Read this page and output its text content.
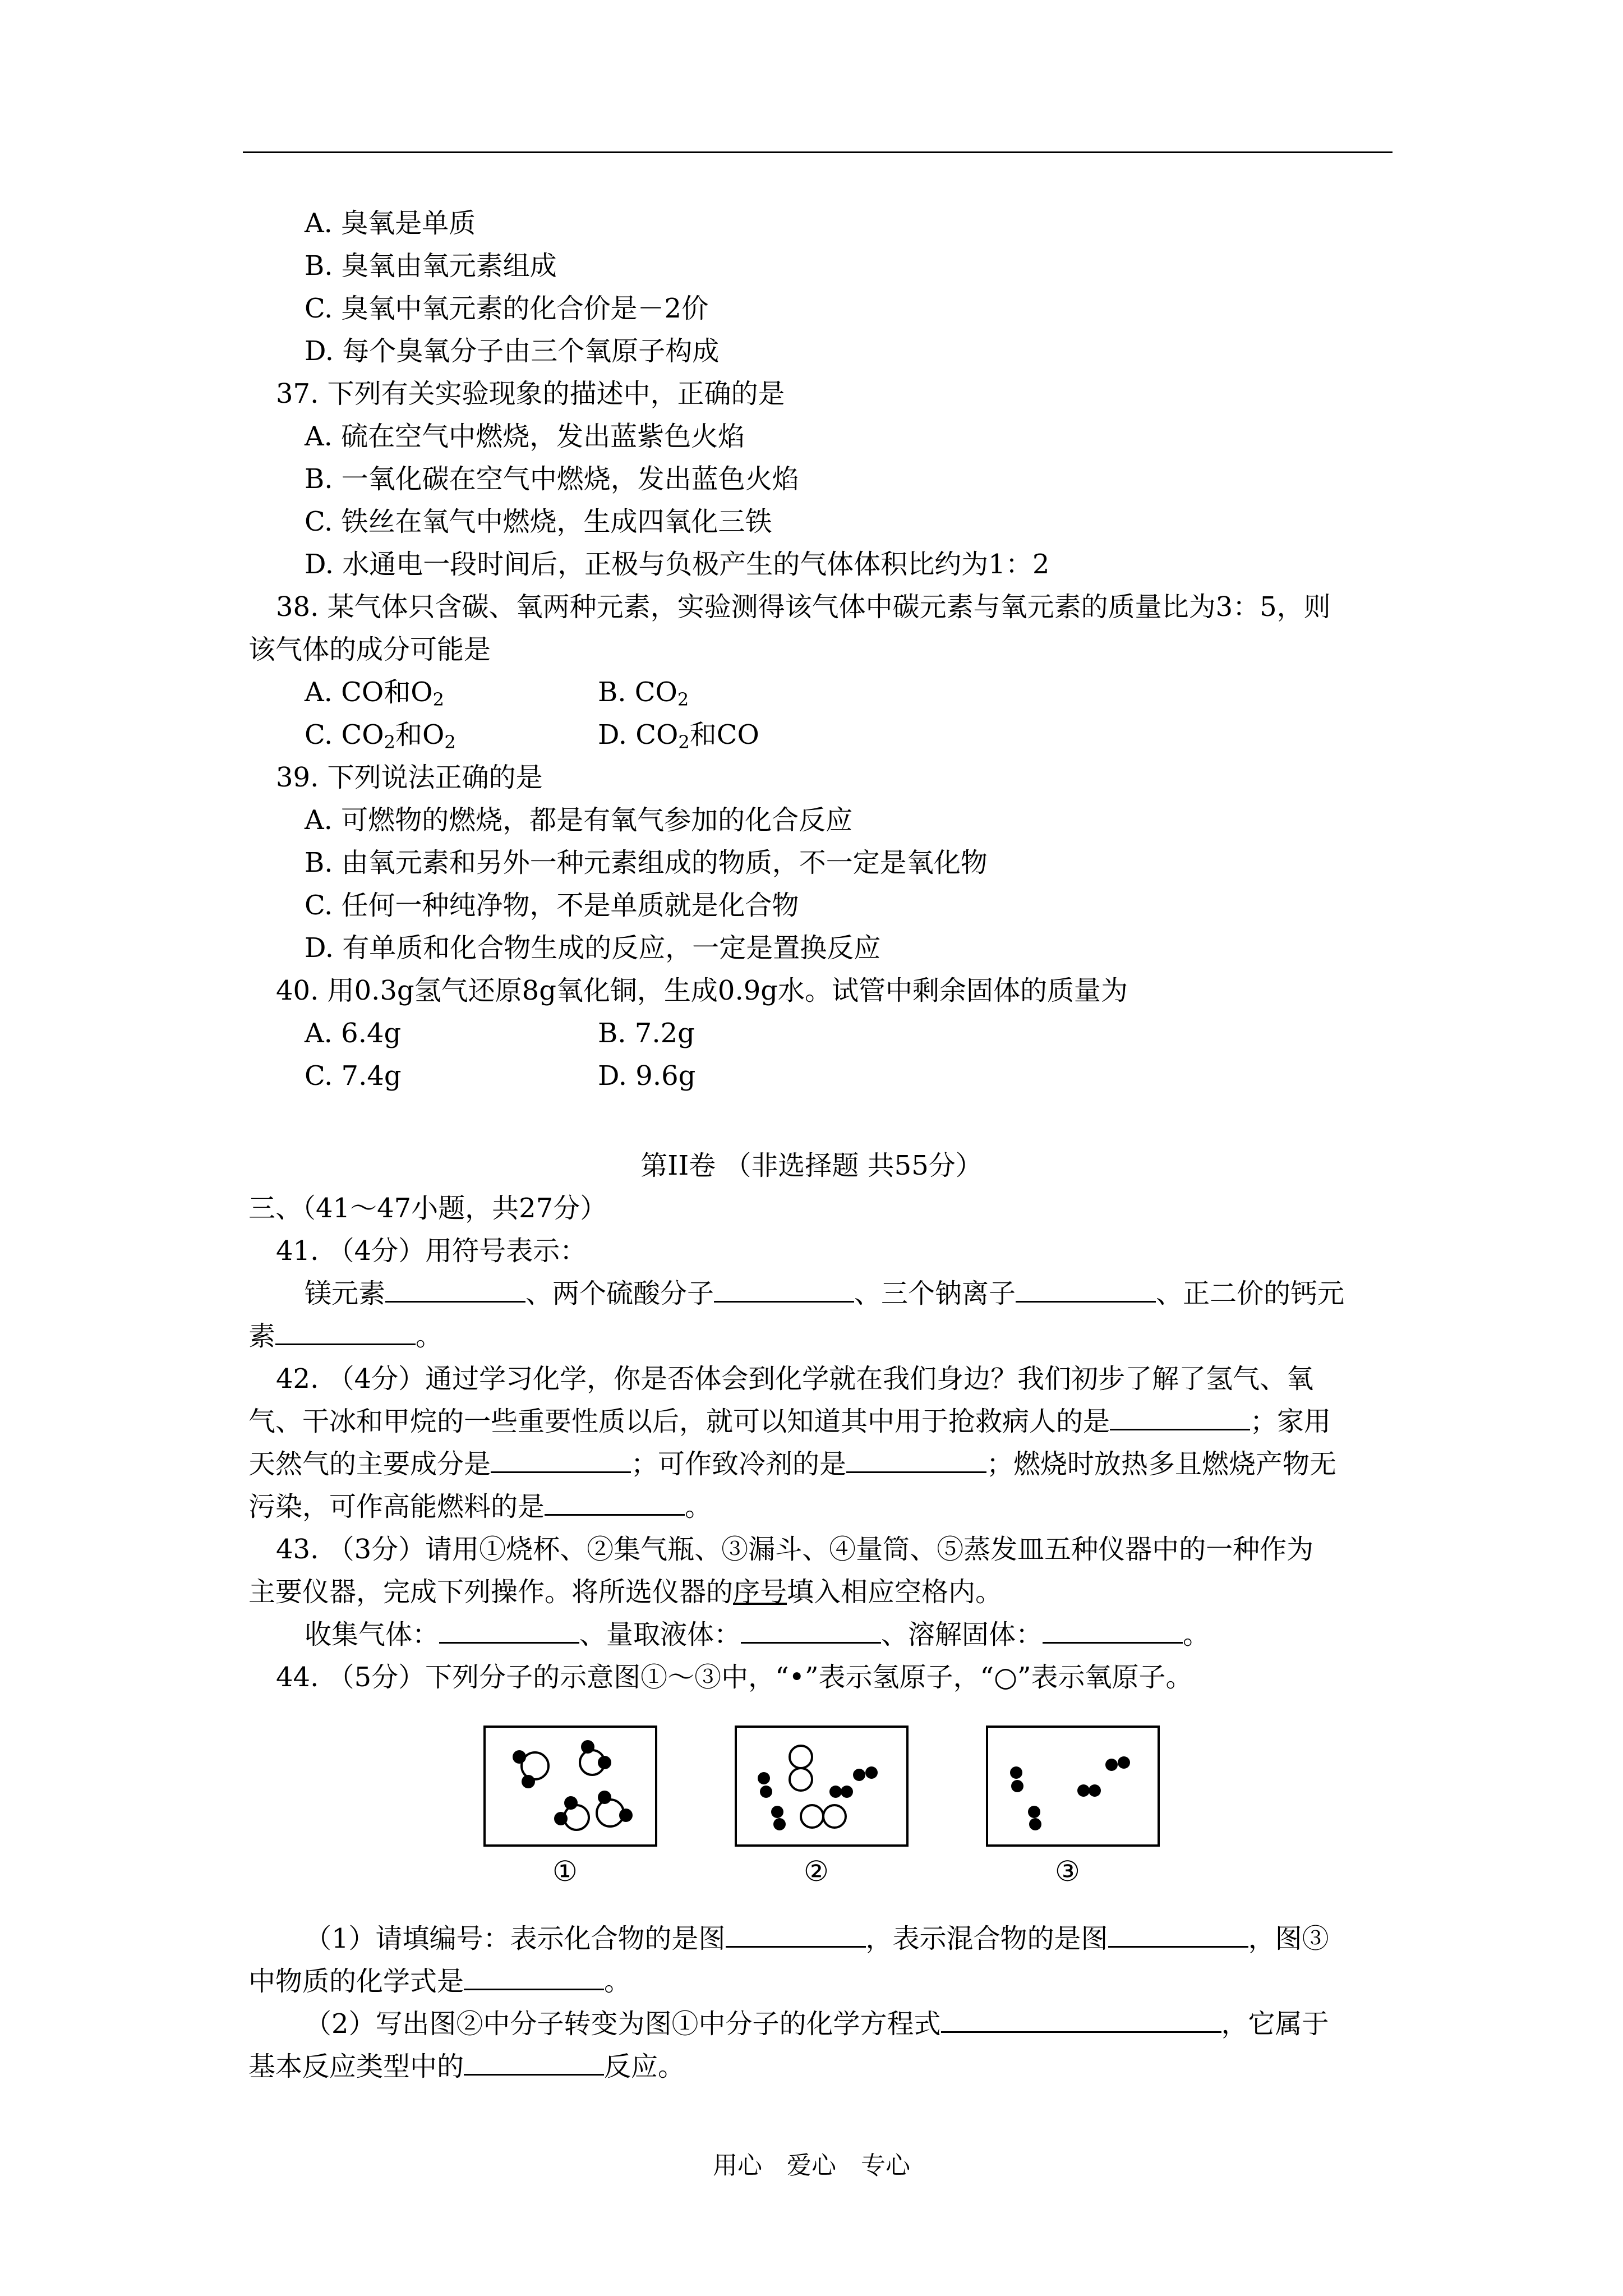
A. 臭氧是单质
B. 臭氧由氧元素组成
C. 臭氧中氧元素的化合价是－2价
D. 每个臭氧分子由三个氧原子构成
37. 下列有关实验现象的描述中，正确的是
A. 硫在空气中燃烧，发出蓝紫色火焰
B. 一氧化碳在空气中燃烧，发出蓝色火焰
C. 铁丝在氧气中燃烧，生成四氧化三铁
D. 水通电一段时间后，正极与负极产生的气体体积比约为1：2
38. 某气体只含碳、氧两种元素，实验测得该气体中碳元素与氧元素的质量比为3：5，则
该气体的成分可能是
A. CO和$O_2$	B. $CO_2$
C. $CO_2$和$O_2$	D. $CO_2$和CO
39. 下列说法正确的是
A. 可燃物的燃烧，都是有氧气参加的化合反应
B. 由氧元素和另外一种元素组成的物质，不一定是氧化物
C. 任何一种纯净物，不是单质就是化合物
D. 有单质和化合物生成的反应，一定是置换反应
40. 用0.3g氢气还原8g氧化铜，生成0.9g水。试管中剩余固体的质量为
A. 6.4g	B. 7.2g
C. 7.4g	D. 9.6g
第II卷 （非选择题 共55分）
三、（41～47小题，共27分）
41. （4分）用符号表示：
镁元素	、两个硫酸分子	、三个钠离子	、正二价的钙元
素	。
42. （4分）通过学习化学，你是否体会到化学就在我们身边？我们初步了解了氢气、氧
气、干冰和甲烷的一些重要性质以后，就可以知道其中用于抢救病人的是	；家用
天然气的主要成分是	；可作致冷剂的是	；燃烧时放热多且燃烧产物无
污染，可作高能燃料的是	。
43. （3分）请用①烧杯、②集气瓶、③漏斗、④量筒、⑤蒸发皿五种仪器中的一种作为
主要仪器，完成下列操作。将所选仪器的序号填入相应空格内。
收集气体：	、量取液体：	、溶解固体：	。
44. （5分）下列分子的示意图①～③中，“•”表示氢原子，“○”表示氧原子。
①	②	③
（1）请填编号：表示化合物的是图	，表示混合物的是图	，图③
中物质的化学式是	。
（2）写出图②中分子转变为图①中分子的化学方程式	，它属于
基本反应类型中的	反应。
用心　爱心　专心
